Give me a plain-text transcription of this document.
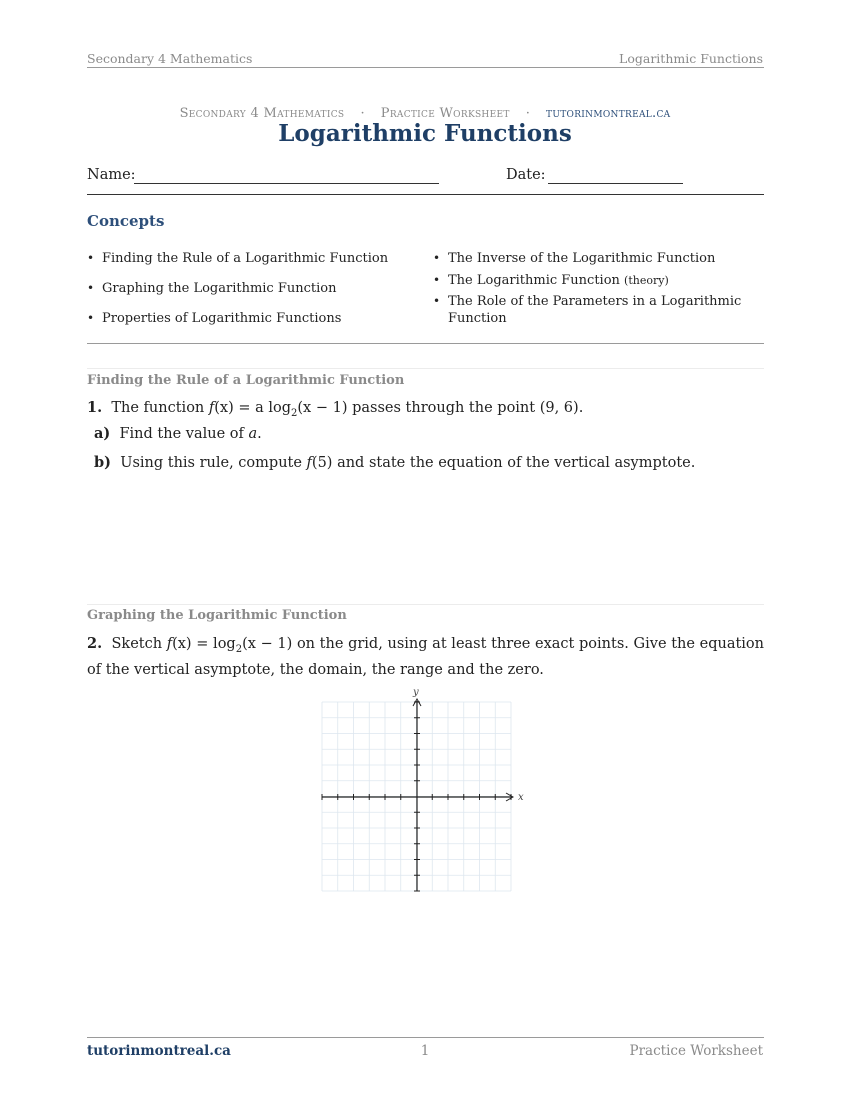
Secondary 4 Mathematics	Logarithmic Functions
Secondary 4 Mathematics · Practice Worksheet · tutorinmontreal.ca
Logarithmic Functions
Name:	Date:
Concepts
• Finding the Rule of a Logarithmic Function
• Graphing the Logarithmic Function
• Properties of Logarithmic Functions
• The Inverse of the Logarithmic Function
• The Logarithmic Function (theory)
• The Role of the Parameters in a Logarithmic Function
Finding the Rule of a Logarithmic Function
1. The function f(x) = a $\log_2(x - 1)$ passes through the point (9, 6).
a) Find the value of a.
b) Using this rule, compute f(5) and state the equation of the vertical asymptote.
Graphing the Logarithmic Function
2. Sketch $f(x) = \log_2(x - 1)$ on the grid, using at least three exact points. Give the equation of the vertical asymptote, the domain, the range and the zero.
x
y
tutorinmontreal.ca	1	Practice Worksheet
